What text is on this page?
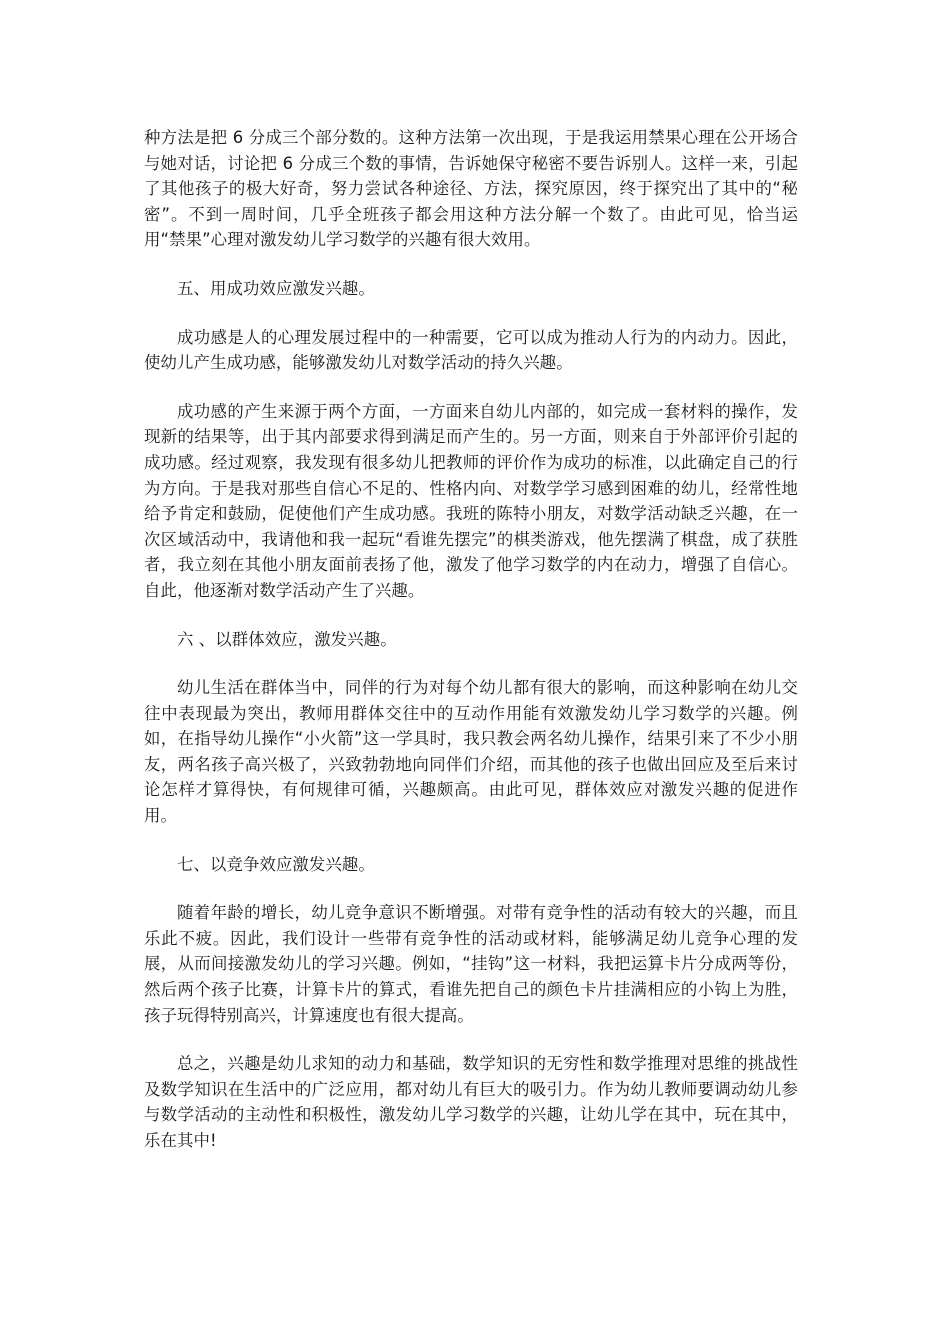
种方法是把 6 分成三个部分数的。这种方法第一次出现，于是我运用禁果心理在公开场合与她对话，讨论把 6 分成三个数的事情，告诉她保守秘密不要告诉别人。这样一来，引起了其他孩子的极大好奇，努力尝试各种途径、方法，探究原因，终于探究出了其中的“秘密”。不到一周时间，几乎全班孩子都会用这种方法分解一个数了。由此可见，恰当运用“禁果”心理对激发幼儿学习数学的兴趣有很大效用。

五、用成功效应激发兴趣。

成功感是人的心理发展过程中的一种需要，它可以成为推动人行为的内动力。因此，使幼儿产生成功感，能够激发幼儿对数学活动的持久兴趣。

成功感的产生来源于两个方面，一方面来自幼儿内部的，如完成一套材料的操作，发现新的结果等，出于其内部要求得到满足而产生的。另一方面，则来自于外部评价引起的成功感。经过观察，我发现有很多幼儿把教师的评价作为成功的标准，以此确定自己的行为方向。于是我对那些自信心不足的、性格内向、对数学学习感到困难的幼儿，经常性地给予肯定和鼓励，促使他们产生成功感。我班的陈特小朋友，对数学活动缺乏兴趣，在一次区域活动中，我请他和我一起玩“看谁先摆完”的棋类游戏，他先摆满了棋盘，成了获胜者，我立刻在其他小朋友面前表扬了他，激发了他学习数学的内在动力，增强了自信心。自此，他逐渐对数学活动产生了兴趣。

六 、以群体效应，激发兴趣。

幼儿生活在群体当中，同伴的行为对每个幼儿都有很大的影响，而这种影响在幼儿交往中表现最为突出，教师用群体交往中的互动作用能有效激发幼儿学习数学的兴趣。例如，在指导幼儿操作“小火箭”这一学具时，我只教会两名幼儿操作，结果引来了不少小朋友，两名孩子高兴极了，兴致勃勃地向同伴们介绍，而其他的孩子也做出回应及至后来讨论怎样才算得快，有何规律可循，兴趣颇高。由此可见，群体效应对激发兴趣的促进作用。

七、以竞争效应激发兴趣。

随着年龄的增长，幼儿竞争意识不断增强。对带有竞争性的活动有较大的兴趣，而且乐此不疲。因此，我们设计一些带有竞争性的活动或材料，能够满足幼儿竞争心理的发展，从而间接激发幼儿的学习兴趣。例如，“挂钩”这一材料，我把运算卡片分成两等份，然后两个孩子比赛，计算卡片的算式，看谁先把自己的颜色卡片挂满相应的小钩上为胜，孩子玩得特别高兴，计算速度也有很大提高。

总之，兴趣是幼儿求知的动力和基础，数学知识的无穷性和数学推理对思维的挑战性及数学知识在生活中的广泛应用，都对幼儿有巨大的吸引力。作为幼儿教师要调动幼儿参与数学活动的主动性和积极性，激发幼儿学习数学的兴趣，让幼儿学在其中，玩在其中，乐在其中!
